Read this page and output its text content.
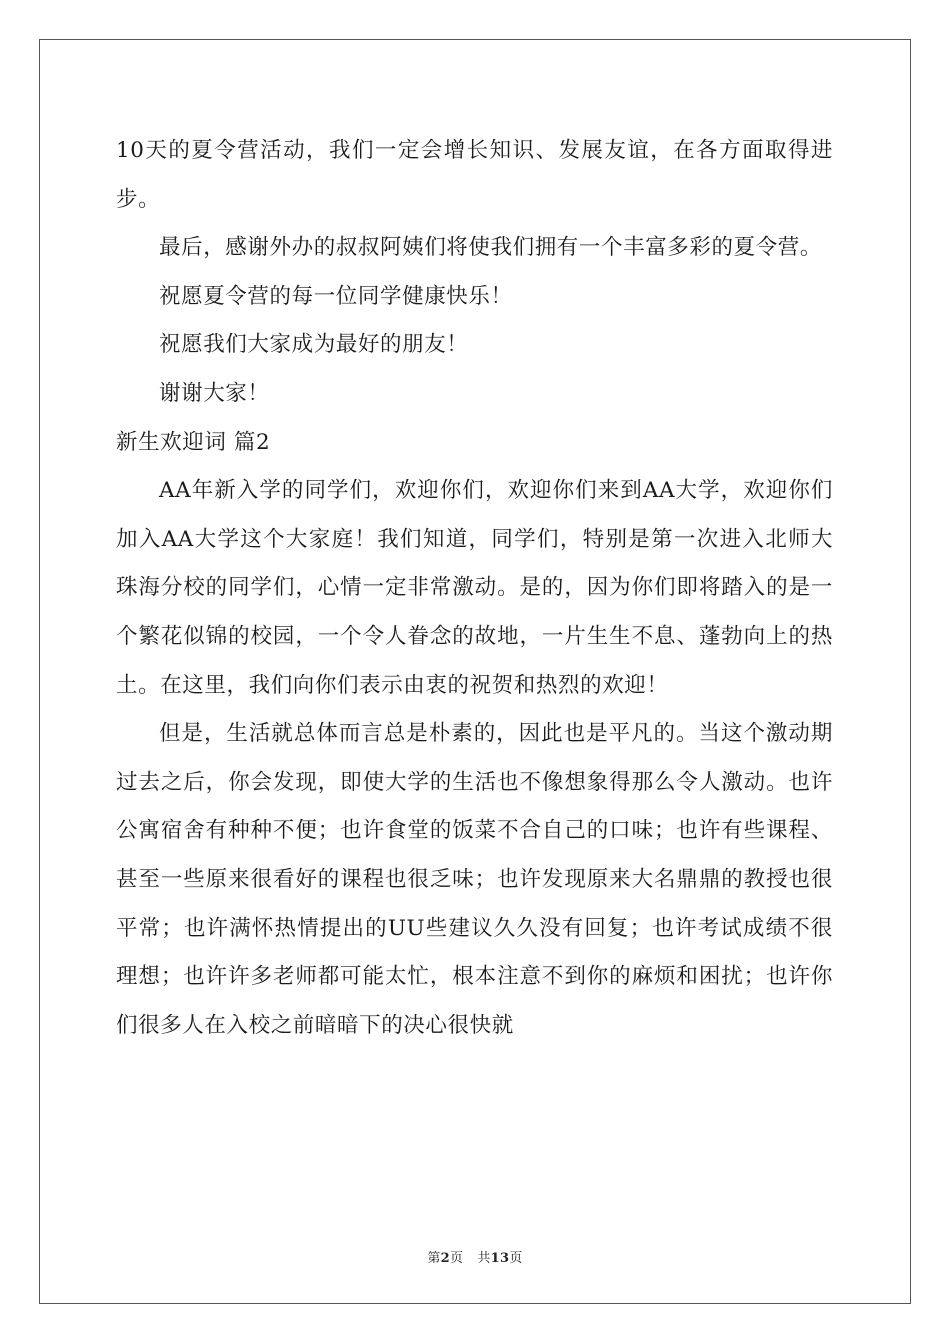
10天的夏令营活动，我们一定会增长知识、发展友谊，在各方面取得进步。

最后，感谢外办的叔叔阿姨们将使我们拥有一个丰富多彩的夏令营。

祝愿夏令营的每一位同学健康快乐！

祝愿我们大家成为最好的朋友！

谢谢大家！

新生欢迎词 篇2

AA年新入学的同学们，欢迎你们，欢迎你们来到AA大学，欢迎你们加入AA大学这个大家庭！我们知道，同学们，特别是第一次进入北师大珠海分校的同学们，心情一定非常激动。是的，因为你们即将踏入的是一个繁花似锦的校园，一个令人眷念的故地，一片生生不息、蓬勃向上的热土。在这里，我们向你们表示由衷的祝贺和热烈的欢迎！

但是，生活就总体而言总是朴素的，因此也是平凡的。当这个激动期过去之后，你会发现，即使大学的生活也不像想象得那么令人激动。也许公寓宿舍有种种不便；也许食堂的饭菜不合自己的口味；也许有些课程、甚至一些原来很看好的课程也很乏味；也许发现原来大名鼎鼎的教授也很平常；也许满怀热情提出的UU些建议久久没有回复；也许考试成绩不很理想；也许许多老师都可能太忙，根本注意不到你的麻烦和困扰；也许你们很多人在入校之前暗暗下的决心很快就

第2页 共13页
